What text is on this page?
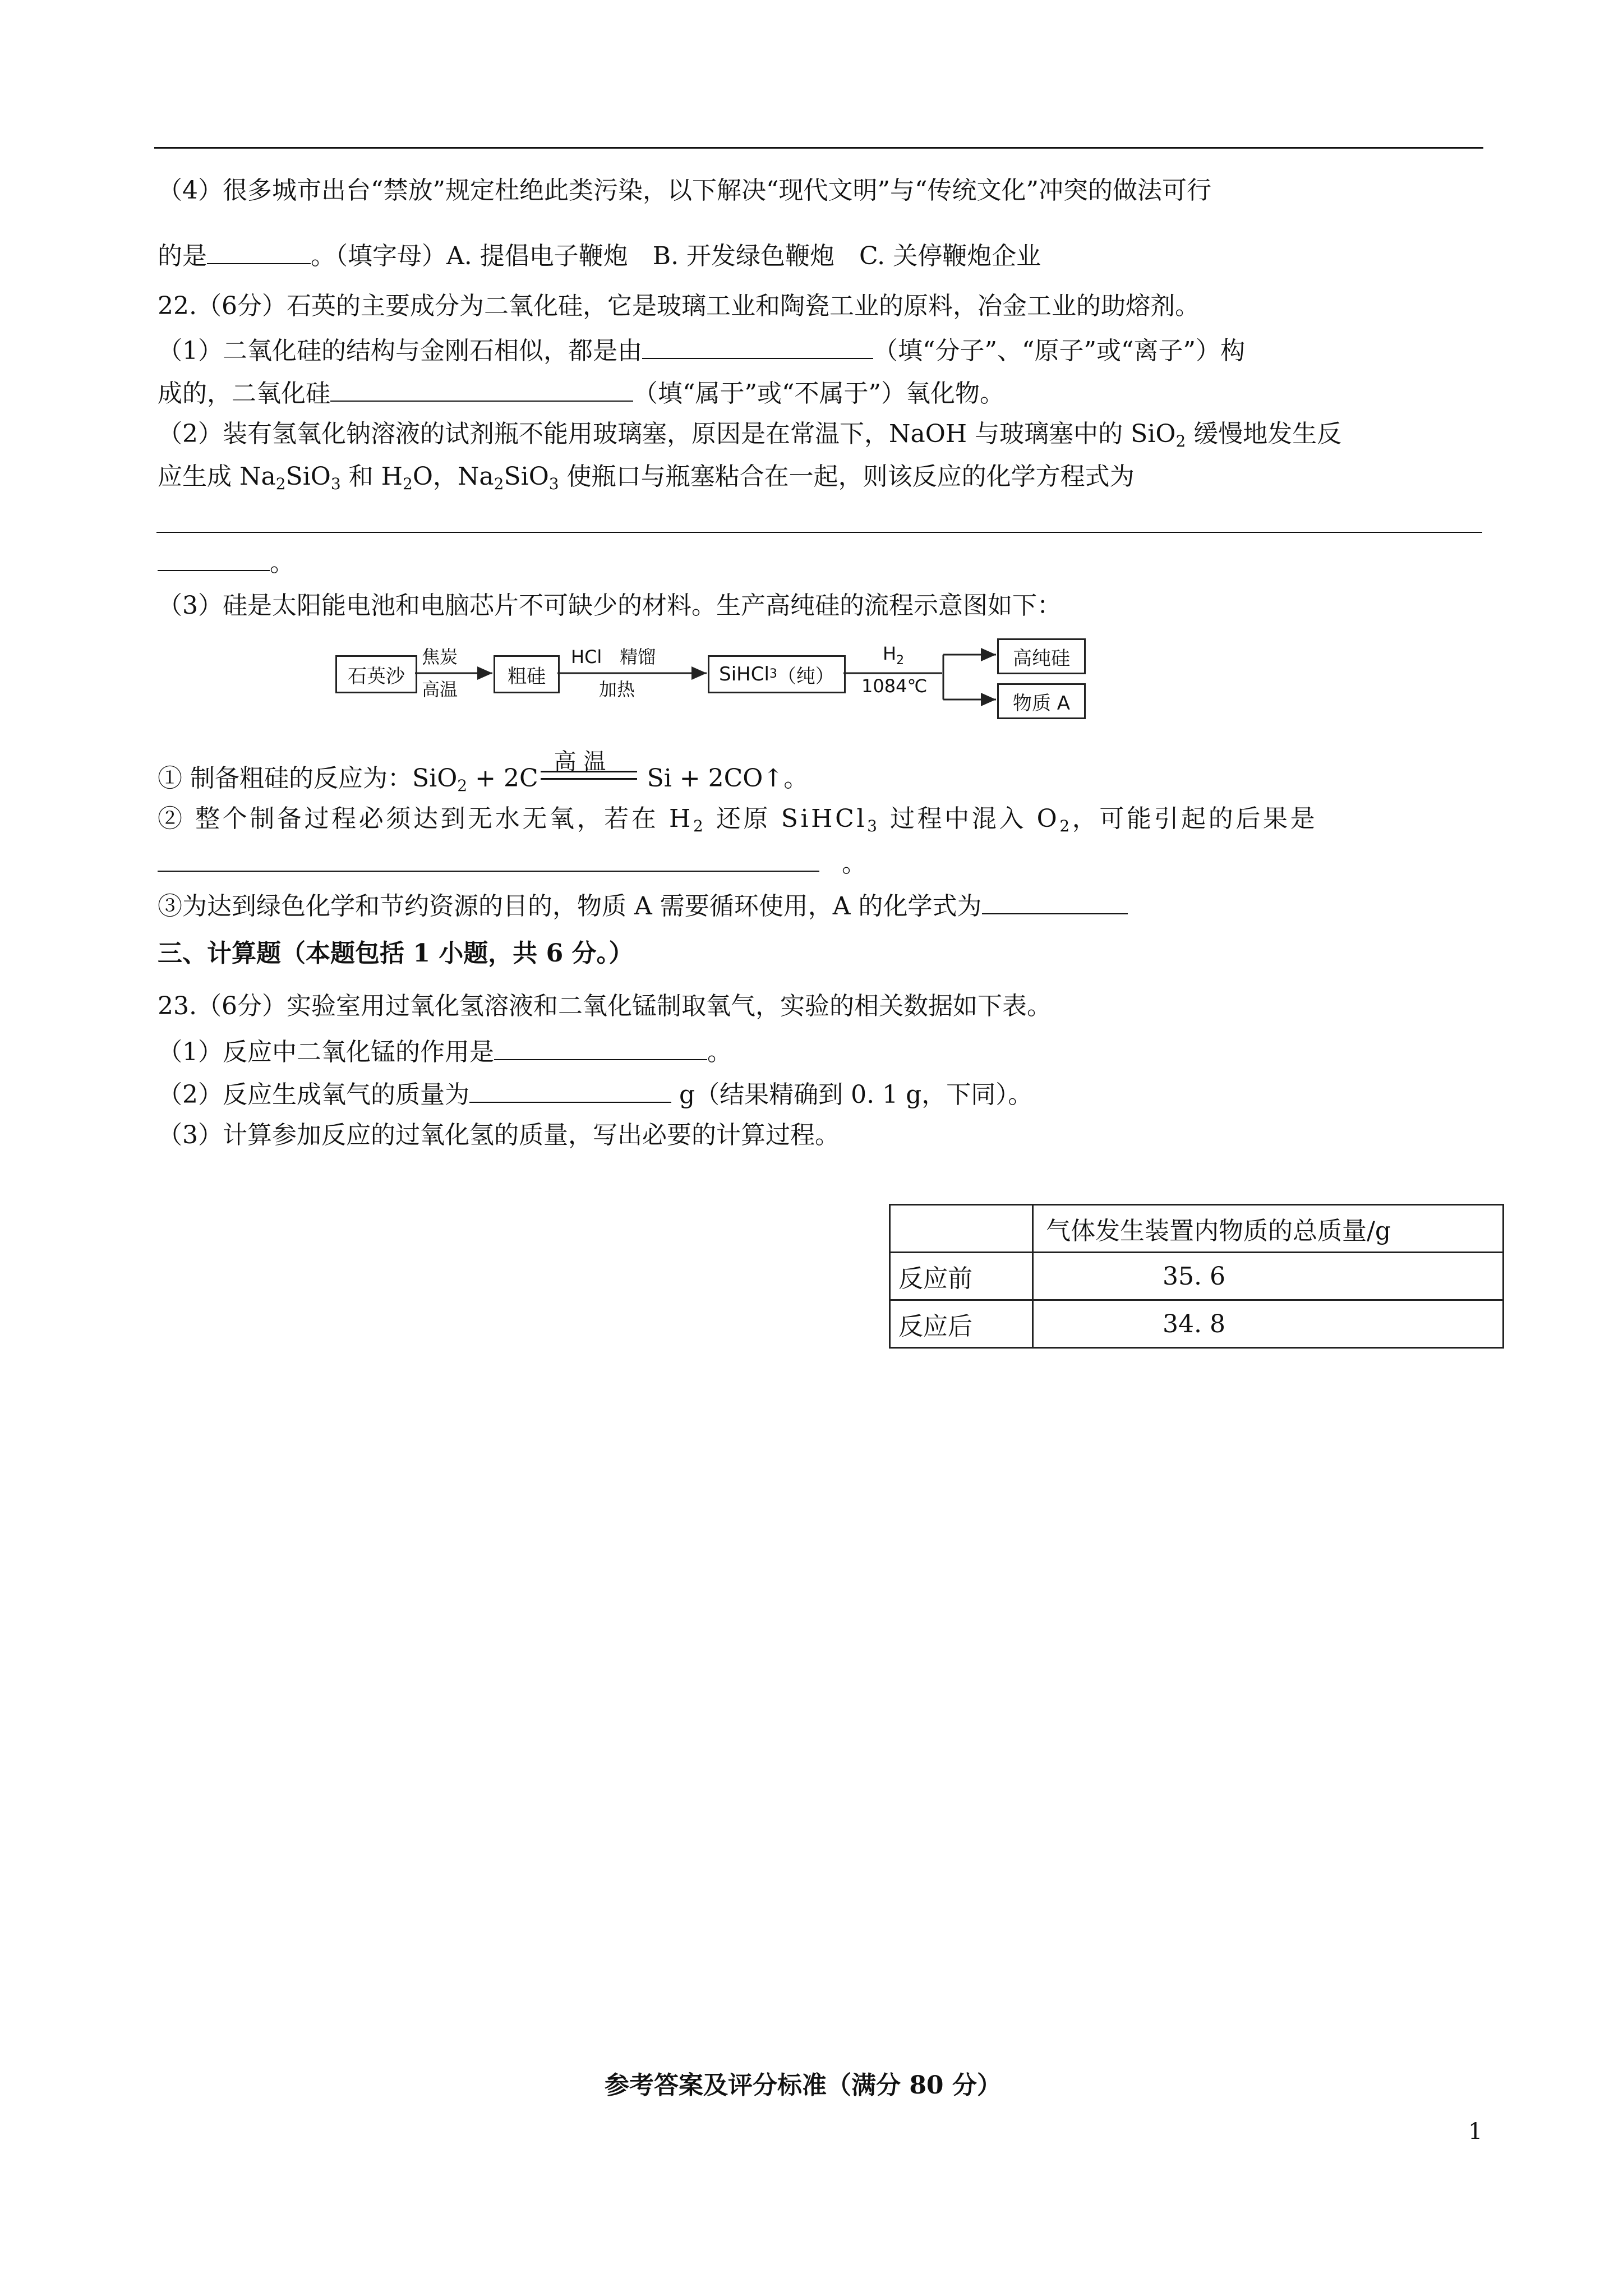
（4）很多城市出台“禁放”规定杜绝此类污染，以下解决“现代文明”与“传统文化”冲突的做法可行
的是	。（填字母）A. 提倡电子鞭炮　B. 开发绿色鞭炮　C. 关停鞭炮企业
22.（6分）石英的主要成分为二氧化硅，它是玻璃工业和陶瓷工业的原料，冶金工业的助熔剂。
（1）二氧化硅的结构与金刚石相似，都是由	（填“分子”、“原子”或“离子”）构
成的，二氧化硅	（填“属于”或“不属于”）氧化物。
（2）装有氢氧化钠溶液的试剂瓶不能用玻璃塞，原因是在常温下，NaOH 与玻璃塞中的 SiO$_2$ 缓慢地发生反
应生成 $Na_2SiO_3$ 和 $H_2O$，$Na_2SiO_3$ 使瓶口与瓶塞粘合在一起，则该反应的化学方程式为
。
（3）硅是太阳能电池和电脑芯片不可缺少的材料。生产高纯硅的流程示意图如下：
石英沙
焦炭
高温
粗硅
HCl　精馏
加热
SiHCl 3 （纯）
$H_2$
1084℃
高纯硅
物质 A
① 制备粗硅的反应为：SiO$_2$ + 2C
高 温
Si + 2CO↑。
② 整个制备过程必须达到无水无氧，若在 $H_2$ 还原 SiHCl$_3$ 过程中混入 $O_2$，可能引起的后果是
。
③为达到绿色化学和节约资源的目的，物质 A 需要循环使用，A 的化学式为
三、计算题（本题包括 1 小题，共 6 分。）
23.（6分）实验室用过氧化氢溶液和二氧化锰制取氧气，实验的相关数据如下表。
（1）反应中二氧化锰的作用是	。
（2）反应生成氧气的质量为	g（结果精确到 0. 1 g，下同）。
（3）计算参加反应的过氧化氢的质量，写出必要的计算过程。
	气体发生装置内物质的总质量/g
反应前	35. 6
反应后	34. 8
参考答案及评分标准（满分 80 分）
1
